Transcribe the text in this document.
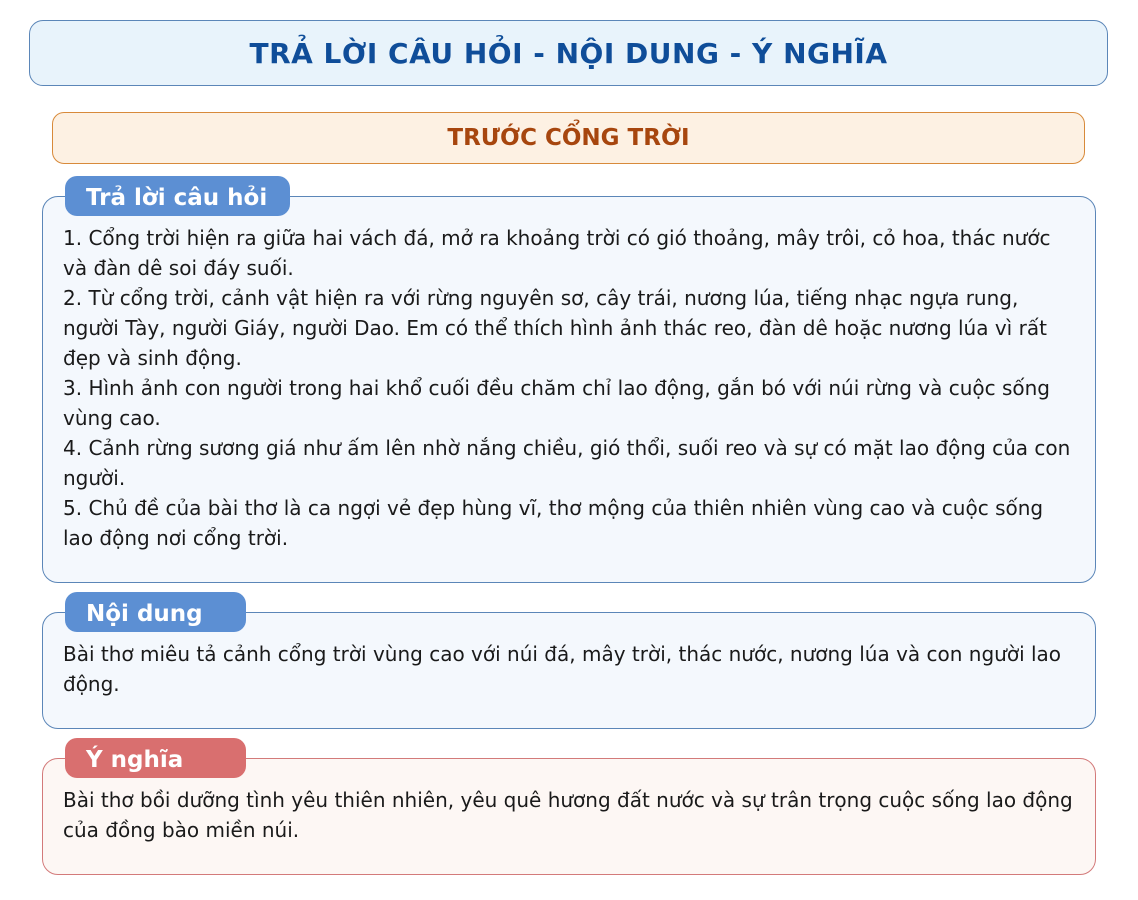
TRẢ LỜI CÂU HỎI - NỘI DUNG - Ý NGHĨA
TRƯỚC CỔNG TRỜI

1. Cổng trời hiện ra giữa hai vách đá, mở ra khoảng trời có gió thoảng, mây trôi, cỏ hoa, thác nước và đàn dê soi đáy suối.

2. Từ cổng trời, cảnh vật hiện ra với rừng nguyên sơ, cây trái, nương lúa, tiếng nhạc ngựa rung, người Tày, người Giáy, người Dao. Em có thể thích hình ảnh thác reo, đàn dê hoặc nương lúa vì rất đẹp và sinh động.

3. Hình ảnh con người trong hai khổ cuối đều chăm chỉ lao động, gắn bó với núi rừng và cuộc sống vùng cao.

4. Cảnh rừng sương giá như ấm lên nhờ nắng chiều, gió thổi, suối reo và sự có mặt lao động của con người.

5. Chủ đề của bài thơ là ca ngợi vẻ đẹp hùng vĩ, thơ mộng của thiên nhiên vùng cao và cuộc sống lao động nơi cổng trời.

Trả lời câu hỏi

Bài thơ miêu tả cảnh cổng trời vùng cao với núi đá, mây trời, thác nước, nương lúa và con người lao động.

Nội dung

Bài thơ bồi dưỡng tình yêu thiên nhiên, yêu quê hương đất nước và sự trân trọng cuộc sống lao động của đồng bào miền núi.

Ý nghĩa
